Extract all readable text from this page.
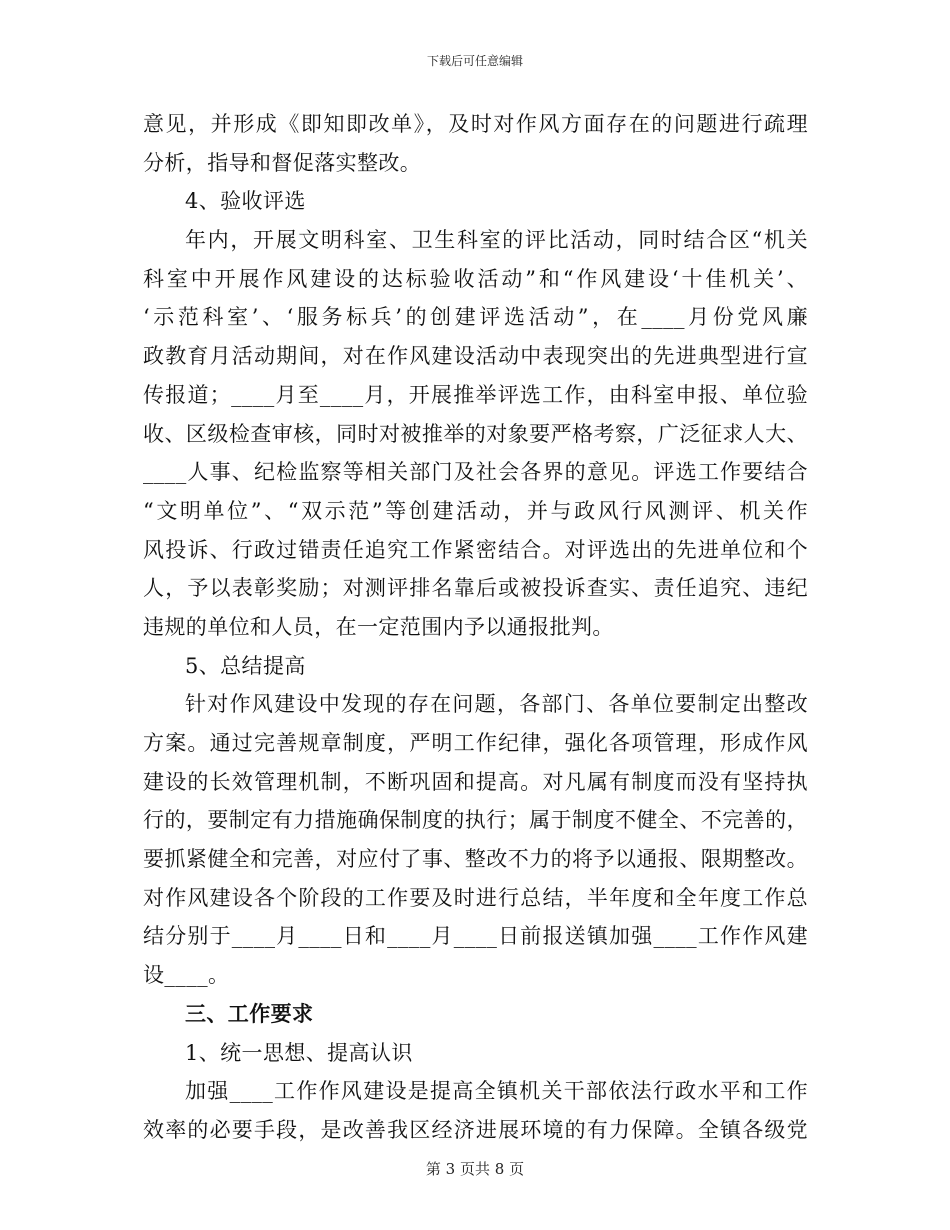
下载后可任意编辑
意见，并形成《即知即改单》，及时对作风方面存在的问题进行疏理
分析，指导和督促落实整改。
4、验收评选
年内，开展文明科室、卫生科室的评比活动，同时结合区“机关
科室中开展作风建设的达标验收活动”和“作风建设‘十佳机关’、
‘示范科室’、‘服务标兵’的创建评选活动”，在____月份党风廉
政教育月活动期间，对在作风建设活动中表现突出的先进典型进行宣
传报道；____月至____月，开展推举评选工作，由科室申报、单位验
收、区级检查审核，同时对被推举的对象要严格考察，广泛征求人大、
____人事、纪检监察等相关部门及社会各界的意见。评选工作要结合
“文明单位”、“双示范”等创建活动，并与政风行风测评、机关作
风投诉、行政过错责任追究工作紧密结合。对评选出的先进单位和个
人，予以表彰奖励；对测评排名靠后或被投诉查实、责任追究、违纪
违规的单位和人员，在一定范围内予以通报批判。
5、总结提高
针对作风建设中发现的存在问题，各部门、各单位要制定出整改
方案。通过完善规章制度，严明工作纪律，强化各项管理，形成作风
建设的长效管理机制，不断巩固和提高。对凡属有制度而没有坚持执
行的，要制定有力措施确保制度的执行；属于制度不健全、不完善的，
要抓紧健全和完善，对应付了事、整改不力的将予以通报、限期整改。
对作风建设各个阶段的工作要及时进行总结，半年度和全年度工作总
结分别于____月____日和____月____日前报送镇加强____工作作风建
设____。
三、工作要求
1、统一思想、提高认识
加强____工作作风建设是提高全镇机关干部依法行政水平和工作
效率的必要手段，是改善我区经济进展环境的有力保障。全镇各级党
第 3 页共 8 页
